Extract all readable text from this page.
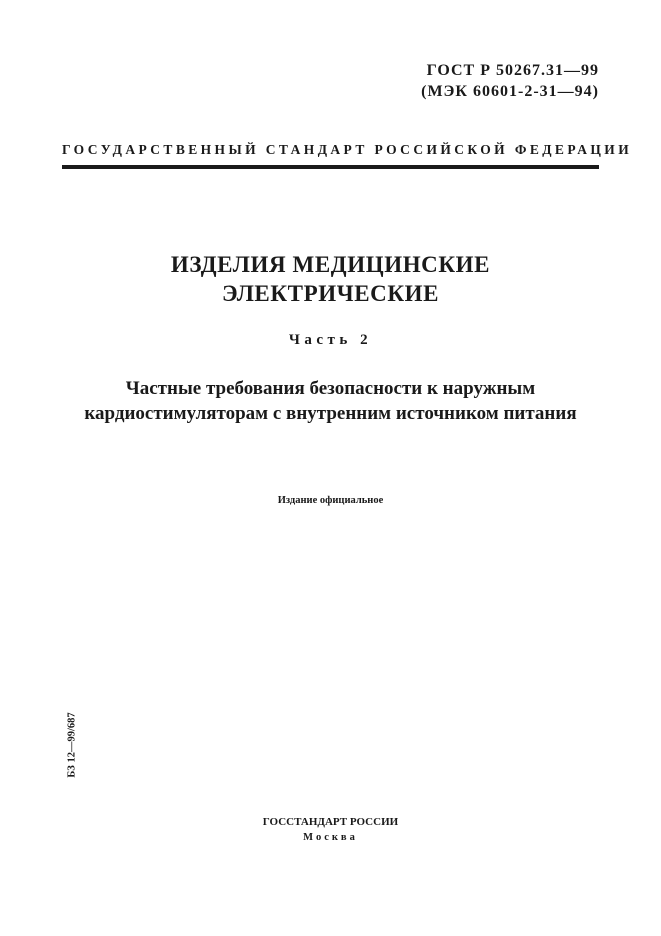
ГОСТ Р 50267.31—99
(МЭК 60601-2-31—94)
ГОСУДАРСТВЕННЫЙ СТАНДАРТ РОССИЙСКОЙ ФЕДЕРАЦИИ
ИЗДЕЛИЯ МЕДИЦИНСКИЕ
ЭЛЕКТРИЧЕСКИЕ
Часть 2
Частные требования безопасности к наружным
кардиостимуляторам с внутренним источником питания
Издание официальное
БЗ 12—99/687
ГОССТАНДАРТ РОССИИ
Москва
